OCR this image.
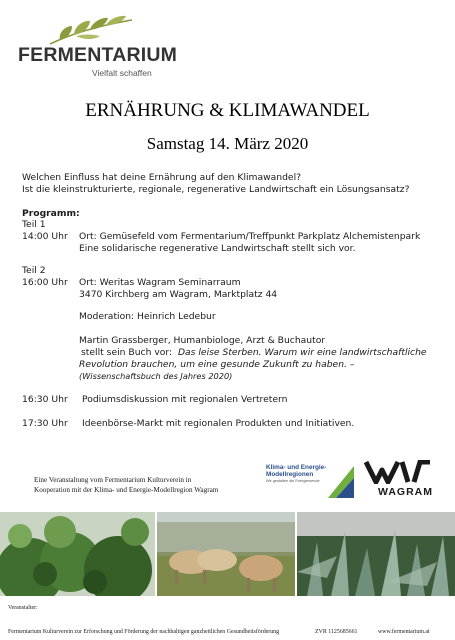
FERMENTARIUM
Vielfalt schaffen
ERNÄHRUNG & KLIMAWANDEL
Samstag 14. März 2020
Welchen Einfluss hat deine Ernährung auf den Klimawandel?
Ist die kleinstrukturierte, regionale, regenerative Landwirtschaft ein Lösungsansatz?
Programm:
Teil 1
14:00 Uhr Ort: Gemüsefeld vom Fermentarium/Treffpunkt Parkplatz Alchemistenpark
Eine solidarische regenerative Landwirtschaft stellt sich vor.
Teil 2
16:00 Uhr Ort: Weritas Wagram Seminarraum
3470 Kirchberg am Wagram, Marktplatz 44
Moderation: Heinrich Ledebur
Martin Grassberger, Humanbiologe, Arzt & Buchautor
stellt sein Buch vor: Das leise Sterben. Warum wir eine landwirtschaftliche
Revolution brauchen, um eine gesunde Zukunft zu haben. –
(Wissenschaftsbuch des Jahres 2020)
16:30 Uhr Podiumsdiskussion mit regionalen Vertretern
17:30 Uhr Ideenbörse-Markt mit regionalen Produkten und Initiativen.
Eine Veranstaltung vom Fermentarium Kulturverein in
Kooperation mit der Klima- und Energie-Modellregion Wagram
Klima- und Energie-
Modellregionen
Wir gestalten die Energiewende
WAGRAM
Veranstalter:
Fermentarium Kulturverein zur Erforschung und Förderung der nachhaltigen ganzheitlichen Gesundheitsförderung	ZVR 1125685661	www.fermentarium.at
